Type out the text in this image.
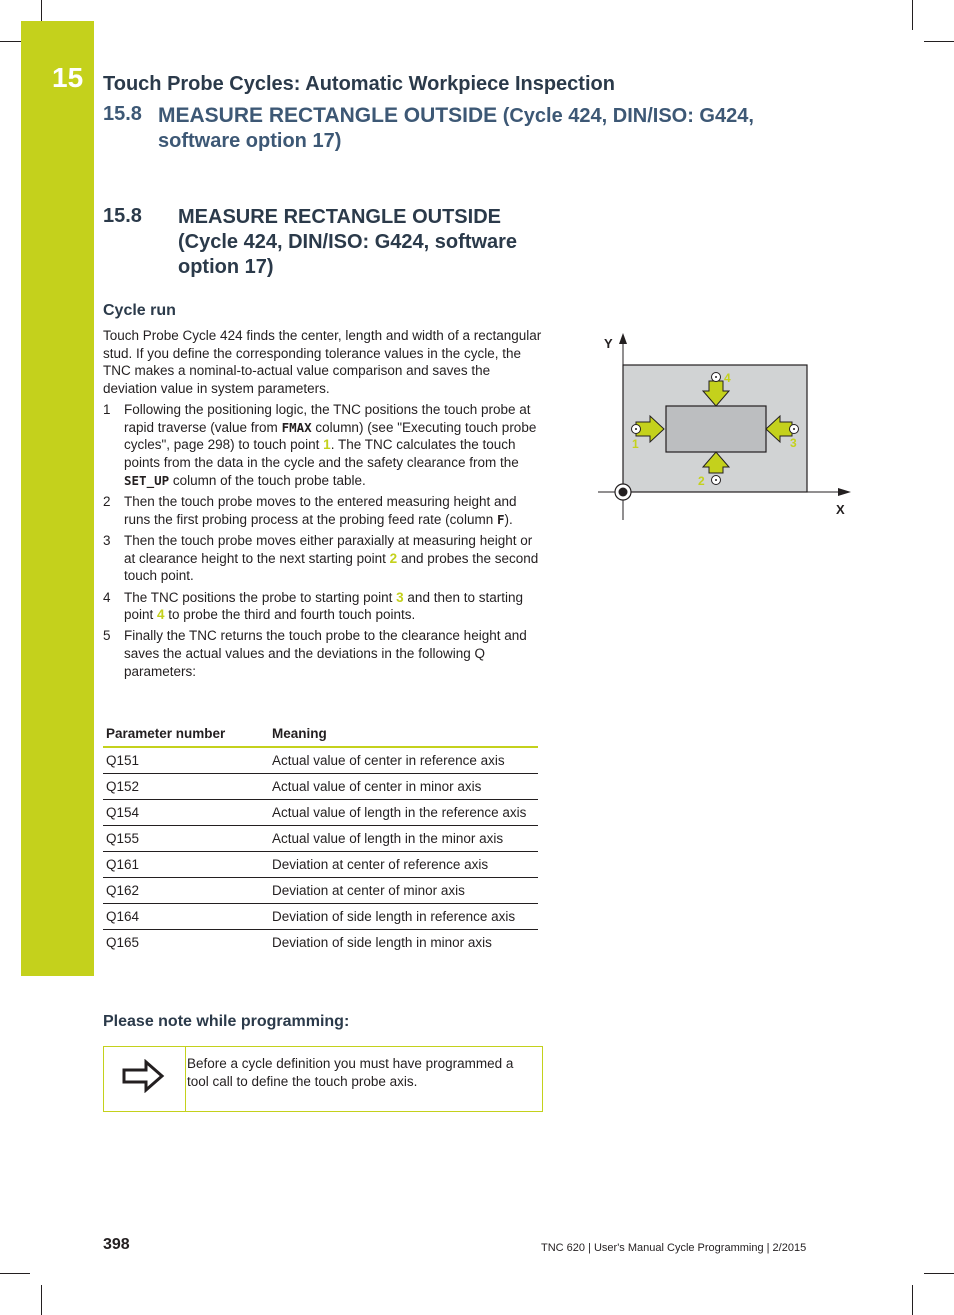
15 Touch Probe Cycles: Automatic Workpiece Inspection
15.8 MEASURE RECTANGLE OUTSIDE (Cycle 424, DIN/ISO: G424, software option 17)
15.8 MEASURE RECTANGLE OUTSIDE (Cycle 424, DIN/ISO: G424, software option 17)
Cycle run
Touch Probe Cycle 424 finds the center, length and width of a rectangular stud. If you define the corresponding tolerance values in the cycle, the TNC makes a nominal-to-actual value comparison and saves the deviation value in system parameters.
1 Following the positioning logic, the TNC positions the touch probe at rapid traverse (value from FMAX column) (see "Executing touch probe cycles", page 298) to touch point 1. The TNC calculates the touch points from the data in the cycle and the safety clearance from the SET_UP column of the touch probe table.
2 Then the touch probe moves to the entered measuring height and runs the first probing process at the probing feed rate (column F).
3 Then the touch probe moves either paraxially at measuring height or at clearance height to the next starting point 2 and probes the second touch point.
4 The TNC positions the probe to starting point 3 and then to starting point 4 to probe the third and fourth touch points.
5 Finally the TNC returns the touch probe to the clearance height and saves the actual values and the deviations in the following Q parameters:
Parameter number	Meaning
Q151	Actual value of center in reference axis
Q152	Actual value of center in minor axis
Q154	Actual value of length in the reference axis
Q155	Actual value of length in the minor axis
Q161	Deviation at center of reference axis
Q162	Deviation at center of minor axis
Q164	Deviation of side length in reference axis
Q165	Deviation of side length in minor axis
Please note while programming:
Before a cycle definition you must have programmed a tool call to define the touch probe axis.
Y
X
1
2
3
4
398	TNC 620 | User's Manual Cycle Programming | 2/2015
